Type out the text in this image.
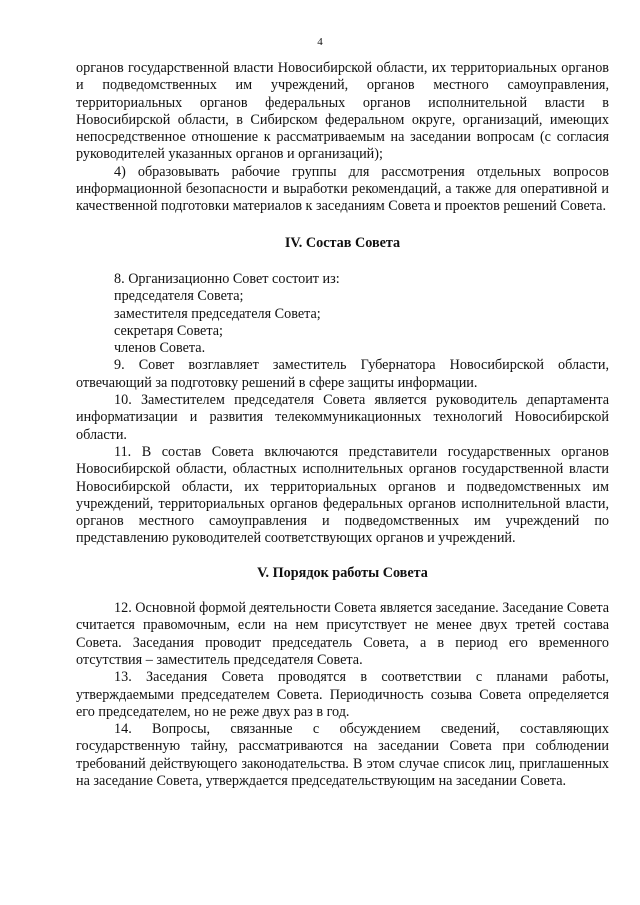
4

органов государственной власти Новосибирской области, их территориальных органов и подведомственных им учреждений, органов местного самоуправления, территориальных органов федеральных органов исполнительной власти в Новосибирской области, в Сибирском федеральном округе, организаций, имеющих непосредственное отношение к рассматриваемым на заседании вопросам (с согласия руководителей указанных органов и организаций);

4) образовывать рабочие группы для рассмотрения отдельных вопросов информационной безопасности и выработки рекомендаций, а также для оперативной и качественной подготовки материалов к заседаниям Совета и проектов решений Совета.

IV. Состав Совета

8. Организационно Совет состоит из:

председателя Совета;

заместителя председателя Совета;

секретаря Совета;

членов Совета.

9. Совет возглавляет заместитель Губернатора Новосибирской области, отвечающий за подготовку решений в сфере защиты информации.

10. Заместителем председателя Совета является руководитель департамента информатизации и развития телекоммуникационных технологий Новосибирской области.

11. В состав Совета включаются представители государственных органов Новосибирской области, областных исполнительных органов государственной власти Новосибирской области, их территориальных органов и подведомственных им учреждений, территориальных органов федеральных органов исполнительной власти, органов местного самоуправления и подведомственных им учреждений по представлению руководителей соответствующих органов и учреждений.

V. Порядок работы Совета

12. Основной формой деятельности Совета является заседание. Заседание Совета считается правомочным, если на нем присутствует не менее двух третей состава Совета. Заседания проводит председатель Совета, а в период его временного отсутствия – заместитель председателя Совета.

13. Заседания Совета проводятся в соответствии с планами работы, утверждаемыми председателем Совета. Периодичность созыва Совета определяется его председателем, но не реже двух раз в год.

14. Вопросы, связанные с обсуждением сведений, составляющих государственную тайну, рассматриваются на заседании Совета при соблюдении требований действующего законодательства. В этом случае список лиц, приглашенных на заседание Совета, утверждается председательствующим на заседании Совета.
